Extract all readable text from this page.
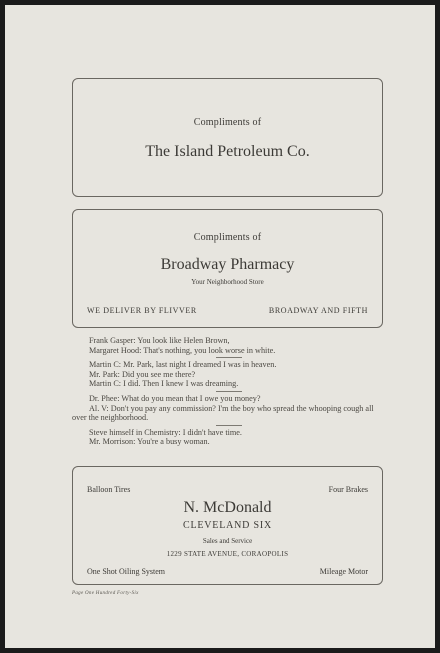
Compliments of
The Island Petroleum Co.
Compliments of
Broadway Pharmacy
Your Neighborhood Store
WE DELIVER BY FLIVVER	BROADWAY AND FIFTH
Frank Gasper: You look like Helen Brown,
Margaret Hood: That's nothing, you look worse in white.
Martin C: Mr. Park, last night I dreamed I was in heaven.
Mr. Park: Did you see me there?
Martin C: I did. Then I knew I was dreaming.
Dr. Phee: What do you mean that I owe you money?
Al. V: Don't you pay any commission? I'm the boy who spread the whooping cough all over the neighborhood.
Steve himself in Chemistry: I didn't have time.
Mr. Morrison: You're a busy woman.
Balloon Tires	Four Brakes
N. McDonald
CLEVELAND SIX
Sales and Service
1229 STATE AVENUE, CORAOPOLIS
One Shot Oiling System	Mileage Motor
Page One Hundred Forty-Six
